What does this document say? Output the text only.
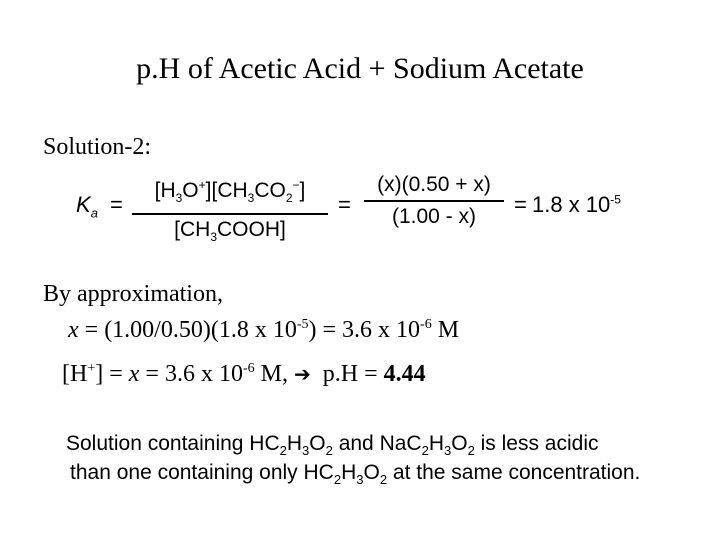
p.H of Acetic Acid + Sodium Acetate
Solution-2:
$K_a$ =
$[H_3O^+][CH_3CO_2^-]$
$[CH_3COOH]$
=
(x)(0.50 + x)
(1.00 - x)	= 1.8 x $10^{-5}$
By approximation,
x = (1.00/0.50)(1.8 x $10^{-5}) = 3.6$ x $10^{-6}$ M
[H+] = x = 3.6 x $10^{-6}$ M, ➔ p.H = 4.44
Solution containing $HC_2H_3O_2$ and $NaC_2H_3O_2$ is less acidic
than one containing only $HC_2H_3O_2$ at the same concentration.
